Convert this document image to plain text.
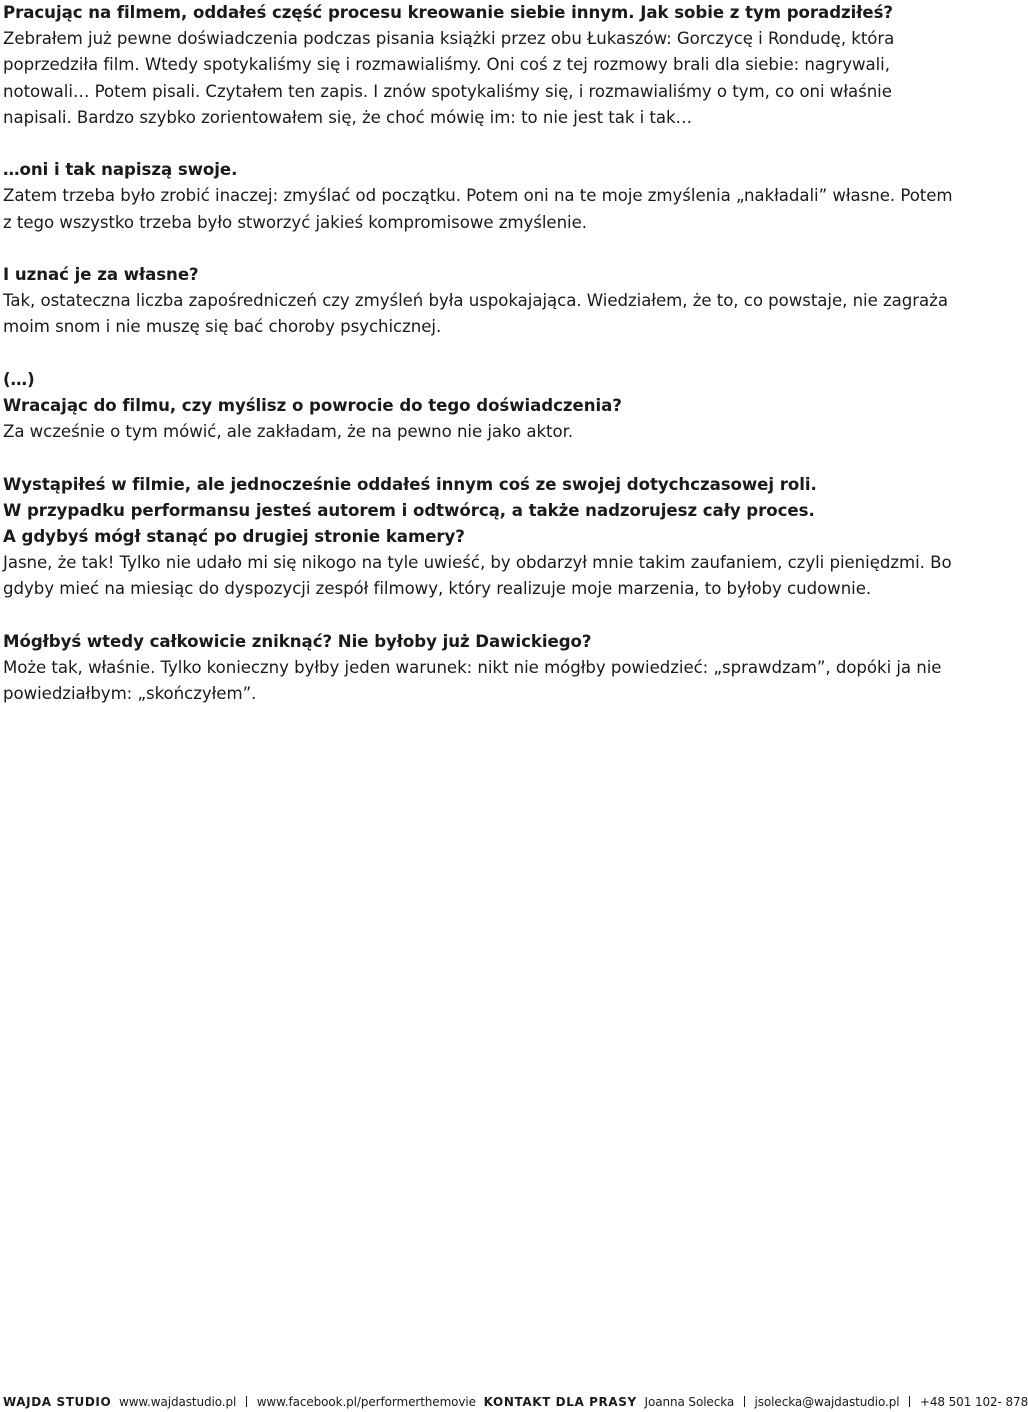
Pracując na filmem, oddałeś część procesu kreowanie siebie innym. Jak sobie z tym poradziłeś?

Zebrałem już pewne doświadczenia podczas pisania książki przez obu Łukaszów: Gorczycę i Rondudę, która poprzedziła film. Wtedy spotykaliśmy się i rozmawialiśmy. Oni coś z tej rozmowy brali dla siebie: nagrywali, notowali… Potem pisali. Czytałem ten zapis. I znów spotykaliśmy się, i rozmawialiśmy o tym, co oni właśnie napisali. Bardzo szybko zorientowałem się, że choć mówię im: to nie jest tak i tak…

…oni i tak napiszą swoje.

Zatem trzeba było zrobić inaczej: zmyślać od początku. Potem oni na te moje zmyślenia „nakładali” własne. Potem z tego wszystko trzeba było stworzyć jakieś kompromisowe zmyślenie.

I uznać je za własne?

Tak, ostateczna liczba zapośredniczeń czy zmyśleń była uspokajająca. Wiedziałem, że to, co powstaje, nie zagraża moim snom i nie muszę się bać choroby psychicznej.

(…)
Wracając do filmu, czy myślisz o powrocie do tego doświadczenia?

Za wcześnie o tym mówić, ale zakładam, że na pewno nie jako aktor.

Wystąpiłeś w filmie, ale jednocześnie oddałeś innym coś ze swojej dotychczasowej roli.
W przypadku performansu jesteś autorem i odtwórcą, a także nadzorujesz cały proces.
A gdybyś mógł stanąć po drugiej stronie kamery?

Jasne, że tak! Tylko nie udało mi się nikogo na tyle uwieść, by obdarzył mnie takim zaufaniem, czyli pieniędzmi. Bo gdyby mieć na miesiąc do dyspozycji zespół filmowy, który realizuje moje marzenia, to byłoby cudownie.

Mógłbyś wtedy całkowicie zniknąć? Nie byłoby już Dawickiego?

Może tak, właśnie. Tylko konieczny byłby jeden warunek: nikt nie mógłby powiedzieć: „sprawdzam”, dopóki ja nie powiedziałbym: „skończyłem”.

WAJDA STUDIO www.wajdastudio.pl www.facebook.pl/performerthemovie KONTAKT DLA PRASY Joanna Solecka jsolecka@wajdastudio.pl +48 501 102- 878
